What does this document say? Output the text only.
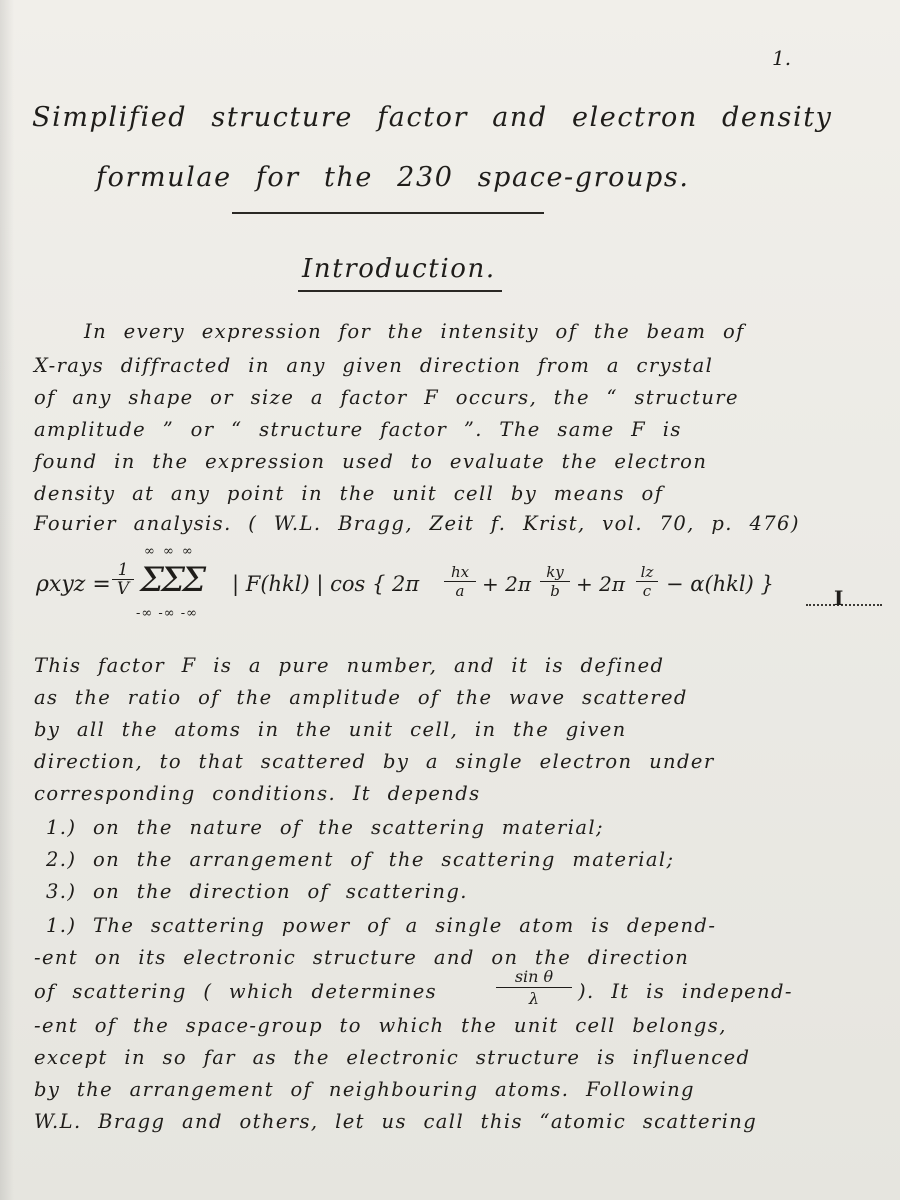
1.
Simplified structure factor and electron density
formulae for the 230 space-groups.
Introduction.
In every expression for the intensity of the beam of
X-rays diffracted in any given direction from a crystal
of any shape or size a factor F occurs, the “ structure
amplitude ” or “ structure factor ”. The same F is
found in the expression used to evaluate the electron
density at any point in the unit cell by means of
Fourier analysis. ( W.L. Bragg, Zeit f. Krist, vol. 70, p. 476)
ρxyz =
1
V
∞ ∞ ∞
ΣΣΣ
-∞ -∞ -∞
| F(hkl) | cos { 2π	hx
a + 2π	ky
b + 2π	lz
c − α(hkl) }
I
This factor F is a pure number, and it is defined
as the ratio of the amplitude of the wave scattered
by all the atoms in the unit cell, in the given
direction, to that scattered by a single electron under
corresponding conditions. It depends
1.) on the nature of the scattering material;
2.) on the arrangement of the scattering material;
3.) on the direction of scattering.
1.) The scattering power of a single atom is depend-
-ent on its electronic structure and on the direction
of scattering ( which determines
sin θ
λ	). It is independ-
-ent of the space-group to which the unit cell belongs,
except in so far as the electronic structure is influenced
by the arrangement of neighbouring atoms. Following
W.L. Bragg and others, let us call this “atomic scattering
